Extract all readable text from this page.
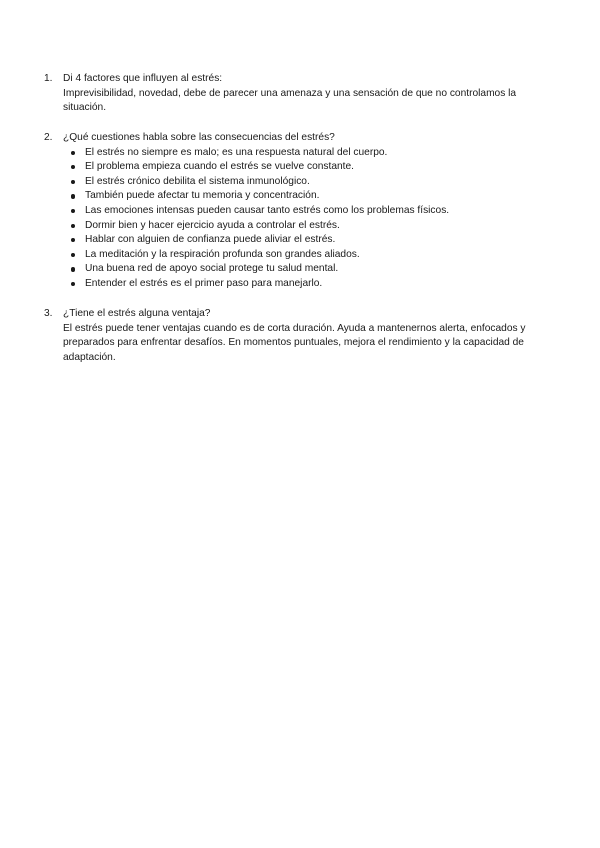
1. Di 4 factores que influyen al estrés:
Imprevisibilidad, novedad, debe de parecer una amenaza y una sensación de que no controlamos la situación.
2. ¿Qué cuestiones habla sobre las consecuencias del estrés?
El estrés no siempre es malo; es una respuesta natural del cuerpo.
El problema empieza cuando el estrés se vuelve constante.
El estrés crónico debilita el sistema inmunológico.
También puede afectar tu memoria y concentración.
Las emociones intensas pueden causar tanto estrés como los problemas físicos.
Dormir bien y hacer ejercicio ayuda a controlar el estrés.
Hablar con alguien de confianza puede aliviar el estrés.
La meditación y la respiración profunda son grandes aliados.
Una buena red de apoyo social protege tu salud mental.
Entender el estrés es el primer paso para manejarlo.
3. ¿Tiene el estrés alguna ventaja?
El estrés puede tener ventajas cuando es de corta duración. Ayuda a mantenernos alerta, enfocados y preparados para enfrentar desafíos. En momentos puntuales, mejora el rendimiento y la capacidad de adaptación.
